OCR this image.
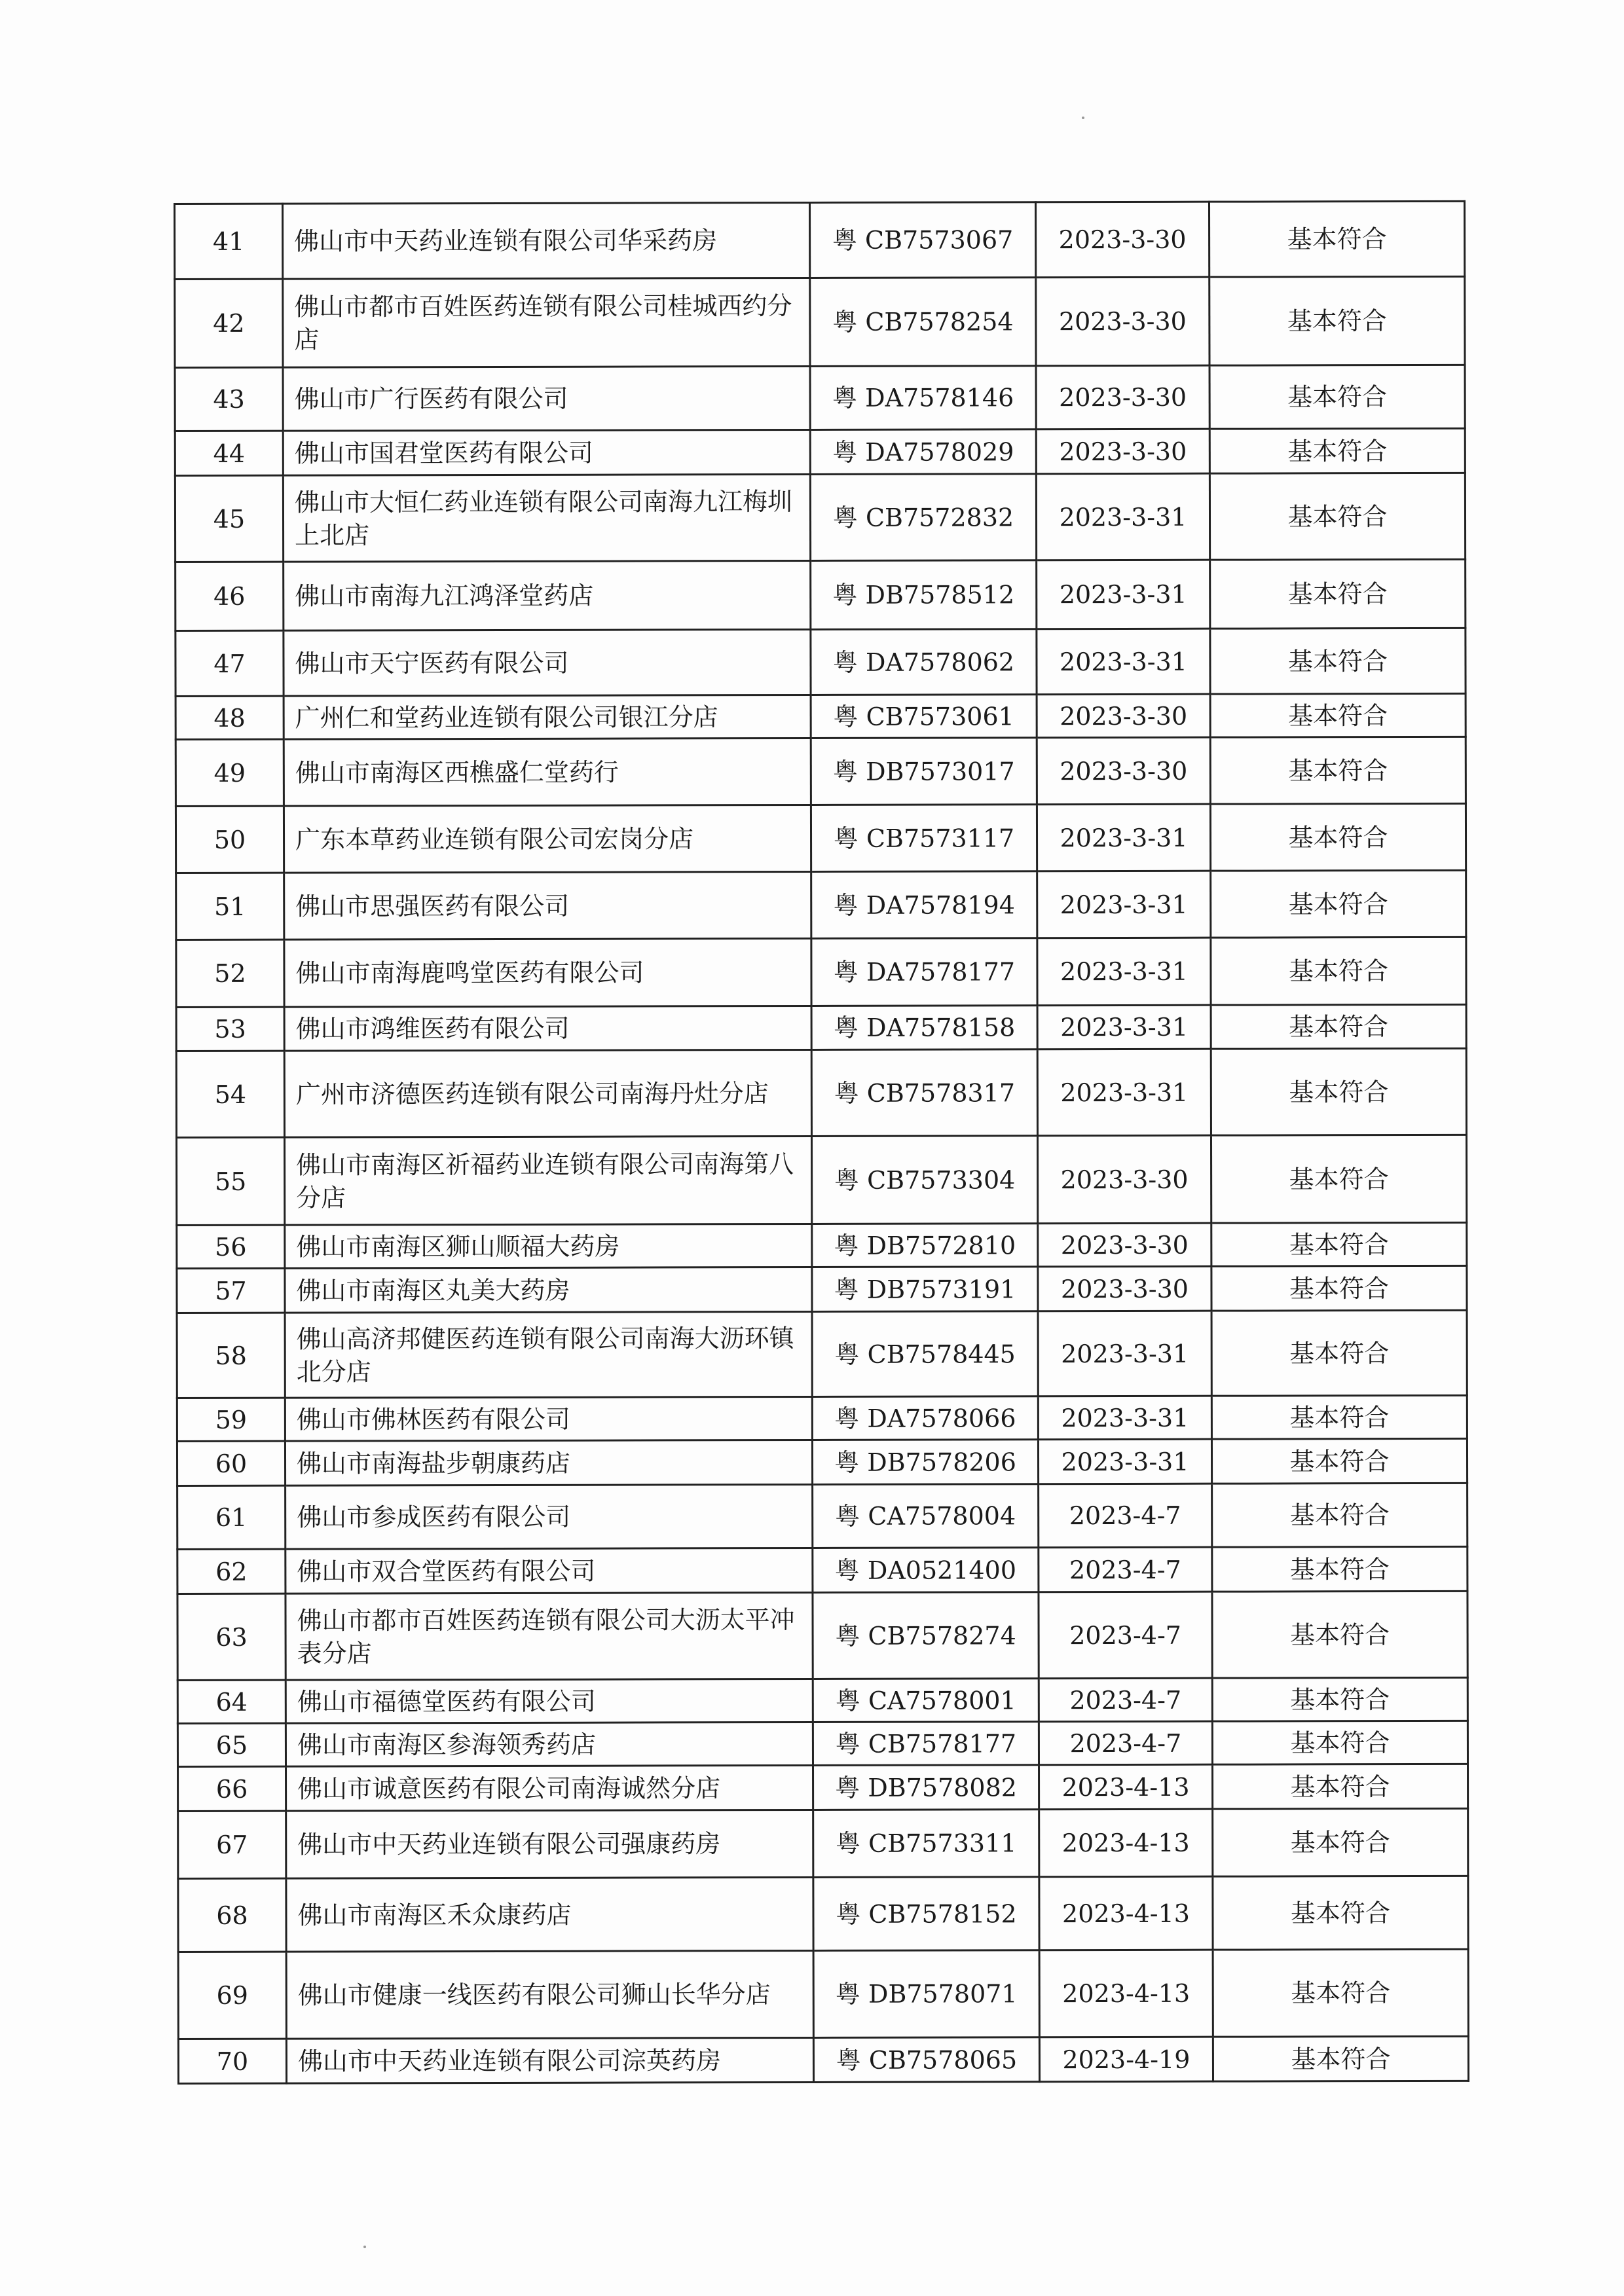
41	佛山市中天药业连锁有限公司华采药房	粤 CB7573067	2023-3-30	基本符合
42	佛山市都市百姓医药连锁有限公司桂城西约分店	粤 CB7578254	2023-3-30	基本符合
43	佛山市广行医药有限公司	粤 DA7578146	2023-3-30	基本符合
44	佛山市国君堂医药有限公司	粤 DA7578029	2023-3-30	基本符合
45	佛山市大恒仁药业连锁有限公司南海九江梅圳上北店	粤 CB7572832	2023-3-31	基本符合
46	佛山市南海九江鸿泽堂药店	粤 DB7578512	2023-3-31	基本符合
47	佛山市天宁医药有限公司	粤 DA7578062	2023-3-31	基本符合
48	广州仁和堂药业连锁有限公司银江分店	粤 CB7573061	2023-3-30	基本符合
49	佛山市南海区西樵盛仁堂药行	粤 DB7573017	2023-3-30	基本符合
50	广东本草药业连锁有限公司宏岗分店	粤 CB7573117	2023-3-31	基本符合
51	佛山市思强医药有限公司	粤 DA7578194	2023-3-31	基本符合
52	佛山市南海鹿鸣堂医药有限公司	粤 DA7578177	2023-3-31	基本符合
53	佛山市鸿维医药有限公司	粤 DA7578158	2023-3-31	基本符合
54	广州市济德医药连锁有限公司南海丹灶分店	粤 CB7578317	2023-3-31	基本符合
55	佛山市南海区祈福药业连锁有限公司南海第八分店	粤 CB7573304	2023-3-30	基本符合
56	佛山市南海区狮山顺福大药房	粤 DB7572810	2023-3-30	基本符合
57	佛山市南海区丸美大药房	粤 DB7573191	2023-3-30	基本符合
58	佛山高济邦健医药连锁有限公司南海大沥环镇北分店	粤 CB7578445	2023-3-31	基本符合
59	佛山市佛林医药有限公司	粤 DA7578066	2023-3-31	基本符合
60	佛山市南海盐步朝康药店	粤 DB7578206	2023-3-31	基本符合
61	佛山市参成医药有限公司	粤 CA7578004	2023-4-7	基本符合
62	佛山市双合堂医药有限公司	粤 DA0521400	2023-4-7	基本符合
63	佛山市都市百姓医药连锁有限公司大沥太平冲表分店	粤 CB7578274	2023-4-7	基本符合
64	佛山市福德堂医药有限公司	粤 CA7578001	2023-4-7	基本符合
65	佛山市南海区参海领秀药店	粤 CB7578177	2023-4-7	基本符合
66	佛山市诚意医药有限公司南海诚然分店	粤 DB7578082	2023-4-13	基本符合
67	佛山市中天药业连锁有限公司强康药房	粤 CB7573311	2023-4-13	基本符合
68	佛山市南海区禾众康药店	粤 CB7578152	2023-4-13	基本符合
69	佛山市健康一线医药有限公司狮山长华分店	粤 DB7578071	2023-4-13	基本符合
70	佛山市中天药业连锁有限公司淙英药房	粤 CB7578065	2023-4-19	基本符合
